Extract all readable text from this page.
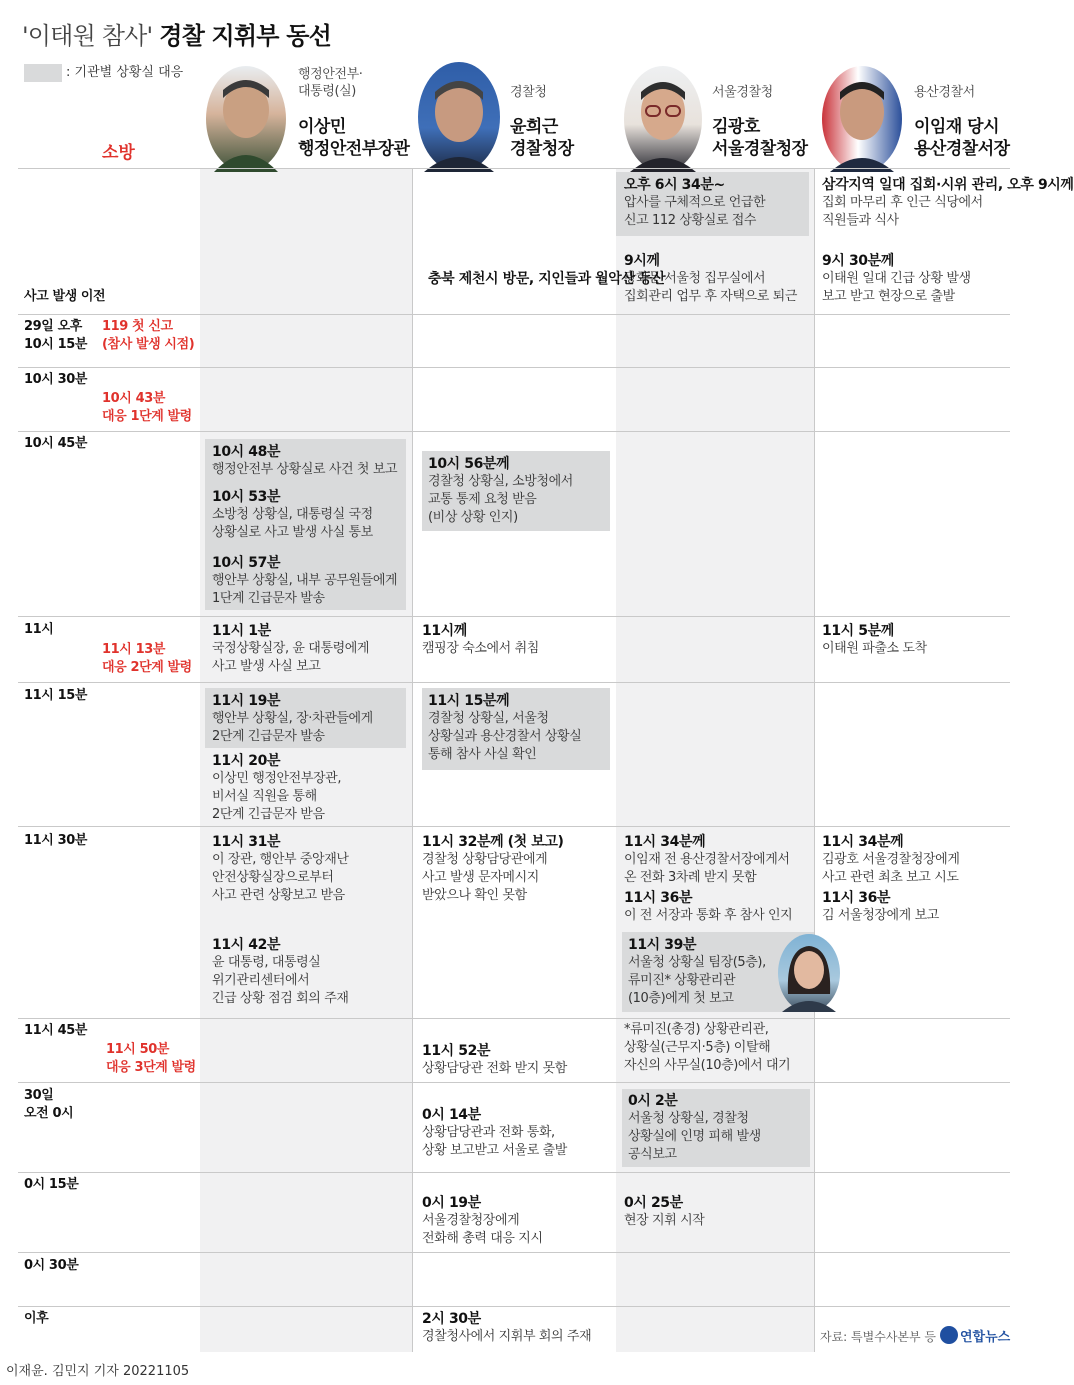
'이태원 참사' 경찰 지휘부 동선
: 기관별 상황실 대응
소방
행정안전부·
대통령(실)
이상민
행정안전부장관
경찰청
윤희근
경찰청장
서울경찰청
김광호
서울경찰청장
용산경찰서
이임재 당시
용산경찰서장
사고 발생 이전
29일 오후
10시 15분
10시 30분
10시 45분
11시
11시 15분
11시 30분
11시 45분
30일
오전 0시
0시 15분
0시 30분
이후
119 첫 신고
(참사 발생 시점)
10시 43분
대응 1단계 발령
11시 13분
대응 2단계 발령
11시 50분
대응 3단계 발령
오후 6시 34분~
압사를 구체적으로 언급한
신고 112 상황실로 접수
9시께
광화문 서울청 집무실에서
집회관리 업무 후 자택으로 퇴근
삼각지역 일대 집회·시위 관리, 오후 9시께
집회 마무리 후 인근 식당에서
직원들과 식사
9시 30분께
이태원 일대 긴급 상황 발생
보고 받고 현장으로 출발
충북 제천시 방문, 지인들과 월악산 등산
10시 48분
행정안전부 상황실로 사건 첫 보고
10시 53분
소방청 상황실, 대통령실 국정
상황실로 사고 발생 사실 통보
10시 57분
행안부 상황실, 내부 공무원들에게
1단계 긴급문자 발송
10시 56분께
경찰청 상황실, 소방청에서
교통 통제 요청 받음
(비상 상황 인지)
11시 1분
국정상황실장, 윤 대통령에게
사고 발생 사실 보고
11시께
캠핑장 숙소에서 취침
11시 5분께
이태원 파출소 도착
11시 19분
행안부 상황실, 장·차관들에게
2단계 긴급문자 발송
11시 20분
이상민 행정안전부장관,
비서실 직원을 통해
2단계 긴급문자 받음
11시 15분께
경찰청 상황실, 서울청
상황실과 용산경찰서 상황실
통해 참사 사실 확인
11시 31분
이 장관, 행안부 중앙재난
안전상황실장으로부터
사고 관련 상황보고 받음
11시 42분
윤 대통령, 대통령실
위기관리센터에서
긴급 상황 점검 회의 주재
11시 32분께 (첫 보고)
경찰청 상황담당관에게
사고 발생 문자메시지
받았으나 확인 못함
11시 34분께
이임재 전 용산경찰서장에게서
온 전화 3차례 받지 못함
11시 36분
이 전 서장과 통화 후 참사 인지
11시 34분께
김광호 서울경찰청장에게
사고 관련 최초 보고 시도
11시 36분
김 서울청장에게 보고
11시 39분
서울청 상황실 팀장(5층),
류미진* 상황관리관
(10층)에게 첫 보고
*류미진(총경) 상황관리관,
상황실(근무지·5층) 이탈해
자신의 사무실(10층)에서 대기
11시 52분
상황담당관 전화 받지 못함
0시 14분
상황담당관과 전화 통화,
상황 보고받고 서울로 출발
0시 2분
서울청 상황실, 경찰청
상황실에 인명 피해 발생
공식보고
0시 19분
서울경찰청장에게
전화해 총력 대응 지시
0시 25분
현장 지휘 시작
2시 30분
경찰청사에서 지휘부 회의 주재	자료: 특별수사본부 등 연합뉴스
이재윤. 김민지 기자 20221105
